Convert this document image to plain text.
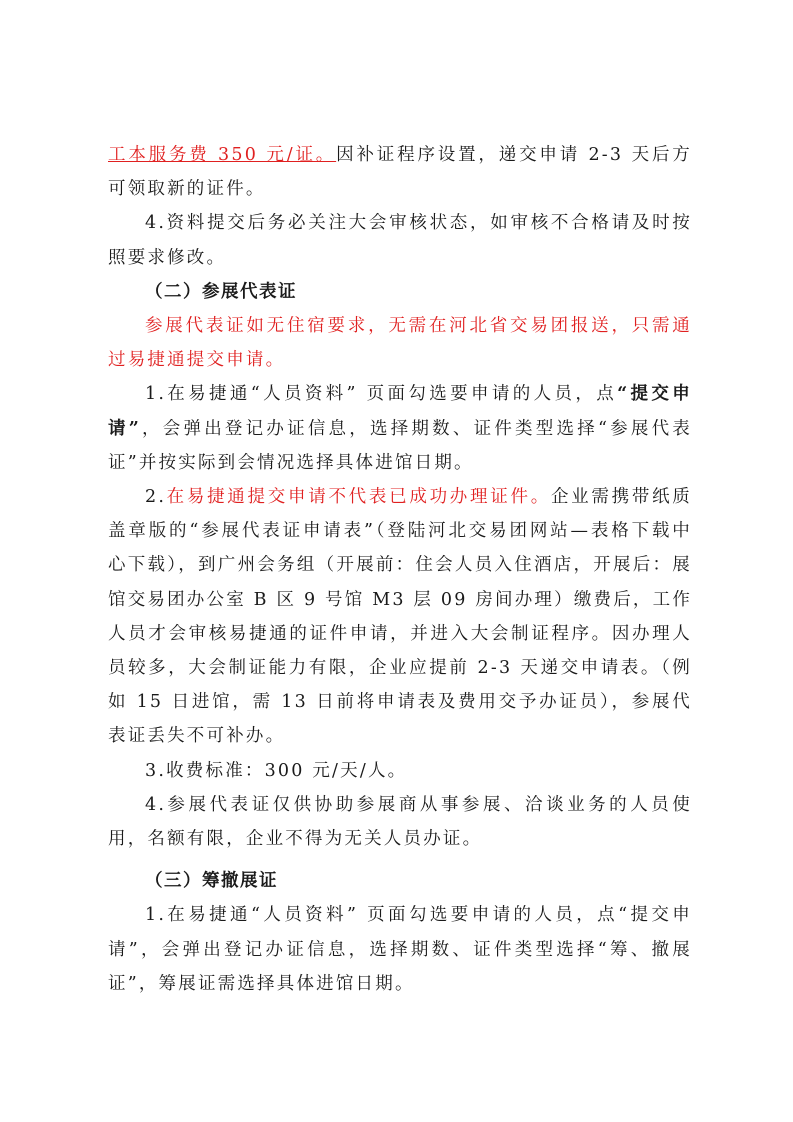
工本服务费 350 元/证。因补证程序设置，递交申请 2-3 天后方可领取新的证件。

4.资料提交后务必关注大会审核状态，如审核不合格请及时按照要求修改。

（二）参展代表证

参展代表证如无住宿要求，无需在河北省交易团报送，只需通过易捷通提交申请。

1.在易捷通“人员资料” 页面勾选要申请的人员，点“提交申请”，会弹出登记办证信息，选择期数、证件类型选择“参展代表证”并按实际到会情况选择具体进馆日期。

2.在易捷通提交申请不代表已成功办理证件。企业需携带纸质盖章版的“参展代表证申请表”（登陆河北交易团网站—表格下载中心下载），到广州会务组（开展前：住会人员入住酒店，开展后：展馆交易团办公室 B 区 9 号馆 M3 层 09 房间办理）缴费后，工作人员才会审核易捷通的证件申请，并进入大会制证程序。因办理人员较多，大会制证能力有限，企业应提前 2-3 天递交申请表。（例如 15 日进馆，需 13 日前将申请表及费用交予办证员），参展代表证丢失不可补办。

3.收费标准：300 元/天/人。

4.参展代表证仅供协助参展商从事参展、洽谈业务的人员使用，名额有限，企业不得为无关人员办证。

（三）筹撤展证

1.在易捷通“人员资料” 页面勾选要申请的人员，点“提交申请”，会弹出登记办证信息，选择期数、证件类型选择“筹、撤展证”，筹展证需选择具体进馆日期。
